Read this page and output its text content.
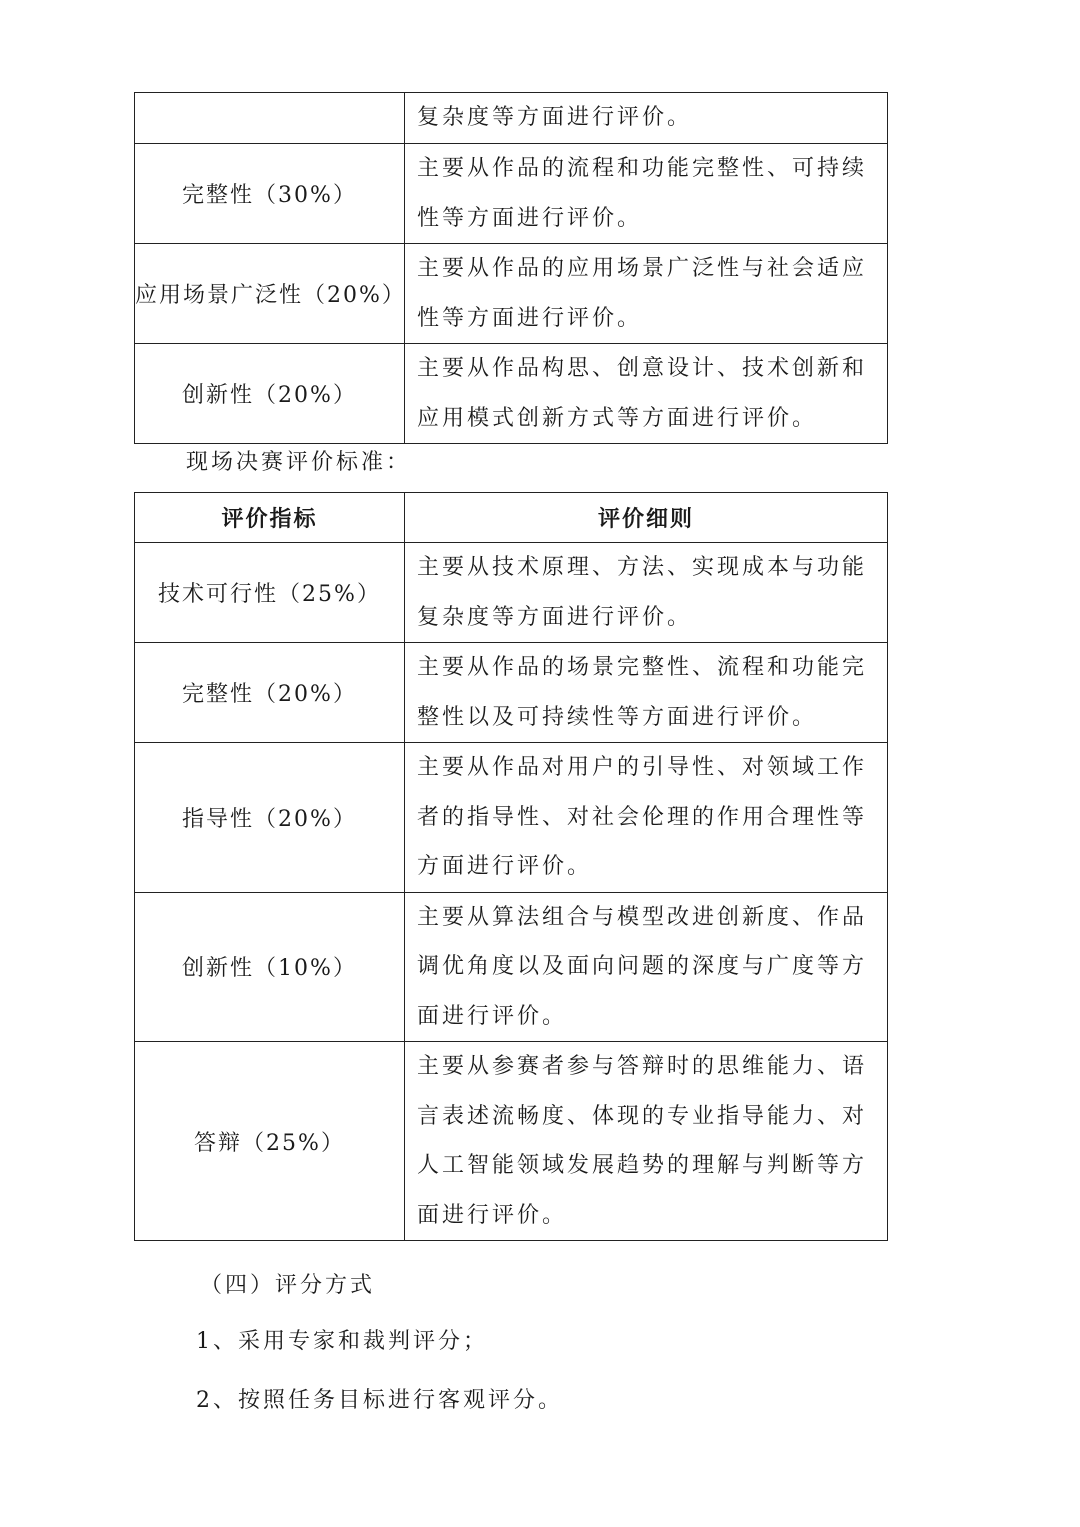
	复杂度等方面进行评价。
完整性（30%）	主要从作品的流程和功能完整性、可持续性等方面进行评价。
应用场景广泛性（20%）	主要从作品的应用场景广泛性与社会适应性等方面进行评价。
创新性（20%）	主要从作品构思、创意设计、技术创新和应用模式创新方式等方面进行评价。
现场决赛评价标准：
评价指标	评价细则
技术可行性（25%）	主要从技术原理、方法、实现成本与功能复杂度等方面进行评价。
完整性（20%）	主要从作品的场景完整性、流程和功能完整性以及可持续性等方面进行评价。
指导性（20%）	主要从作品对用户的引导性、对领域工作者的指导性、对社会伦理的作用合理性等方面进行评价。
创新性（10%）	主要从算法组合与模型改进创新度、作品调优角度以及面向问题的深度与广度等方面进行评价。
答辩（25%）	主要从参赛者参与答辩时的思维能力、语言表述流畅度、体现的专业指导能力、对人工智能领域发展趋势的理解与判断等方面进行评价。
（四）评分方式
1、采用专家和裁判评分；
2、按照任务目标进行客观评分。
